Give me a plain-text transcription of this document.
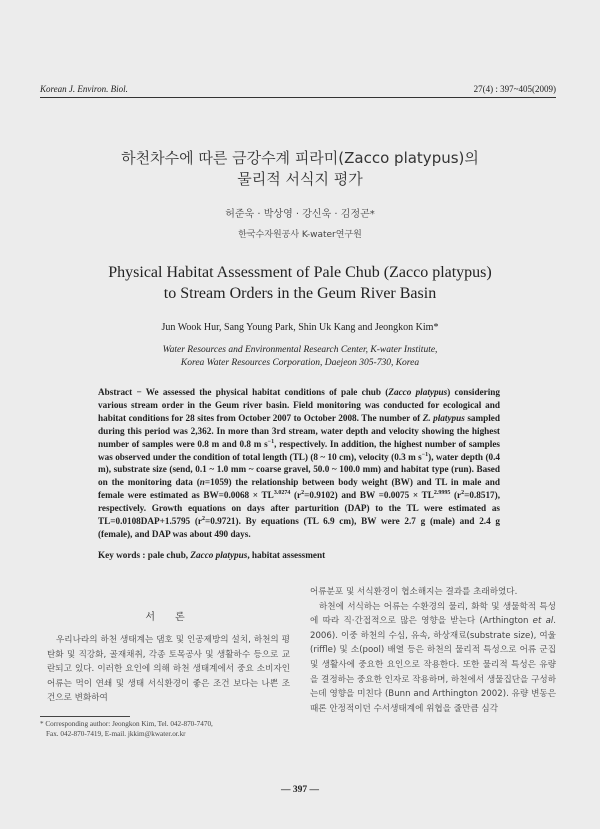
Korean J. Environ. Biol.	27(4) : 397~405(2009)
하천차수에 따른 금강수계 피라미(Zacco platypus)의
물리적 서식지 평가
허준욱 · 박상영 · 강신욱 · 김정곤*
한국수자원공사 K-water연구원
Physical Habitat Assessment of Pale Chub (Zacco platypus)
to Stream Orders in the Geum River Basin
Jun Wook Hur, Sang Young Park, Shin Uk Kang and Jeongkon Kim*
Water Resources and Environmental Research Center, K-water Institute,
Korea Water Resources Corporation, Daejeon 305-730, Korea

Abstract − We assessed the physical habitat conditions of pale chub (Zacco platypus) considering various stream order in the Geum river basin. Field monitoring was conducted for ecological and habitat conditions for 28 sites from October 2007 to October 2008. The number of Z. platypus sampled during this period was 2,362. In more than 3rd stream, water depth and velocity showing the highest number of samples were 0.8 m and 0.8 m $s^{-1}$, respectively. In addition, the highest number of samples was observed under the condition of total length (TL) (8 ~ 10 cm), velocity (0.3 m $s^{-1}$), water depth (0.4 m), substrate size (send, 0.1 ~ 1.0 mm ~ coarse gravel, 50.0 ~ 100.0 mm) and habitat type (run). Based on the monitoring data (n=1059) the relationship between body weight (BW) and TL in male and female were estimated as $BW=0.0068 \times TL^{3.0274}$ $(r^2=0.9102)$ and BW $=0.0075 \times TL^{2.9995}$ $(r^2=0.8517)$, respectively. Growth equations on days after parturition (DAP) to the TL were estimated as TL=0.0108DAP+1.5795 $(r^2=0.9721)$. By equations (TL 6.9 cm), BW were 2.7 g (male) and 2.4 g (female), and DAP was about 490 days.

Key words : pale chub, Zacco platypus, habitat assessment

서　　론

우리나라의 하천 생태계는 댐호 및 인공제방의 설치, 하천의 평탄화 및 직강화, 골재채취, 각종 토목공사 및 생활하수 등으로 교란되고 있다. 이러한 요인에 의해 하천 생태계에서 중요 소비자인 어류는 먹이 연쇄 및 생태 서식환경이 좋은 조건 보다는 나쁜 조건으로 변화하여

* Corresponding author: Jeongkon Kim, Tel. 042-870-7470,
Fax. 042-870-7419, E-mail. jkkim@kwater.or.kr

어류분포 및 서식환경이 협소해지는 결과를 초래하였다.
하천에 서식하는 어류는 수환경의 물리, 화학 및 생물학적 특성에 따라 직·간접적으로 많은 영향을 받는다 (Arthington et al. 2006). 이중 하천의 수심, 유속, 하상재료(substrate size), 여울(riffle) 및 소(pool) 배열 등은 하천의 물리적 특성으로 어류 군집 및 생활사에 중요한 요인으로 작용한다. 또한 물리적 특성은 유량을 결정하는 중요한 인자로 작용하며, 하천에서 생물집단을 구성하는데 영향을 미친다 (Bunn and Arthington 2002). 유량 변동은 때론 안정적이던 수서생태계에 위협을 줄만큼 심각

— 397 —
